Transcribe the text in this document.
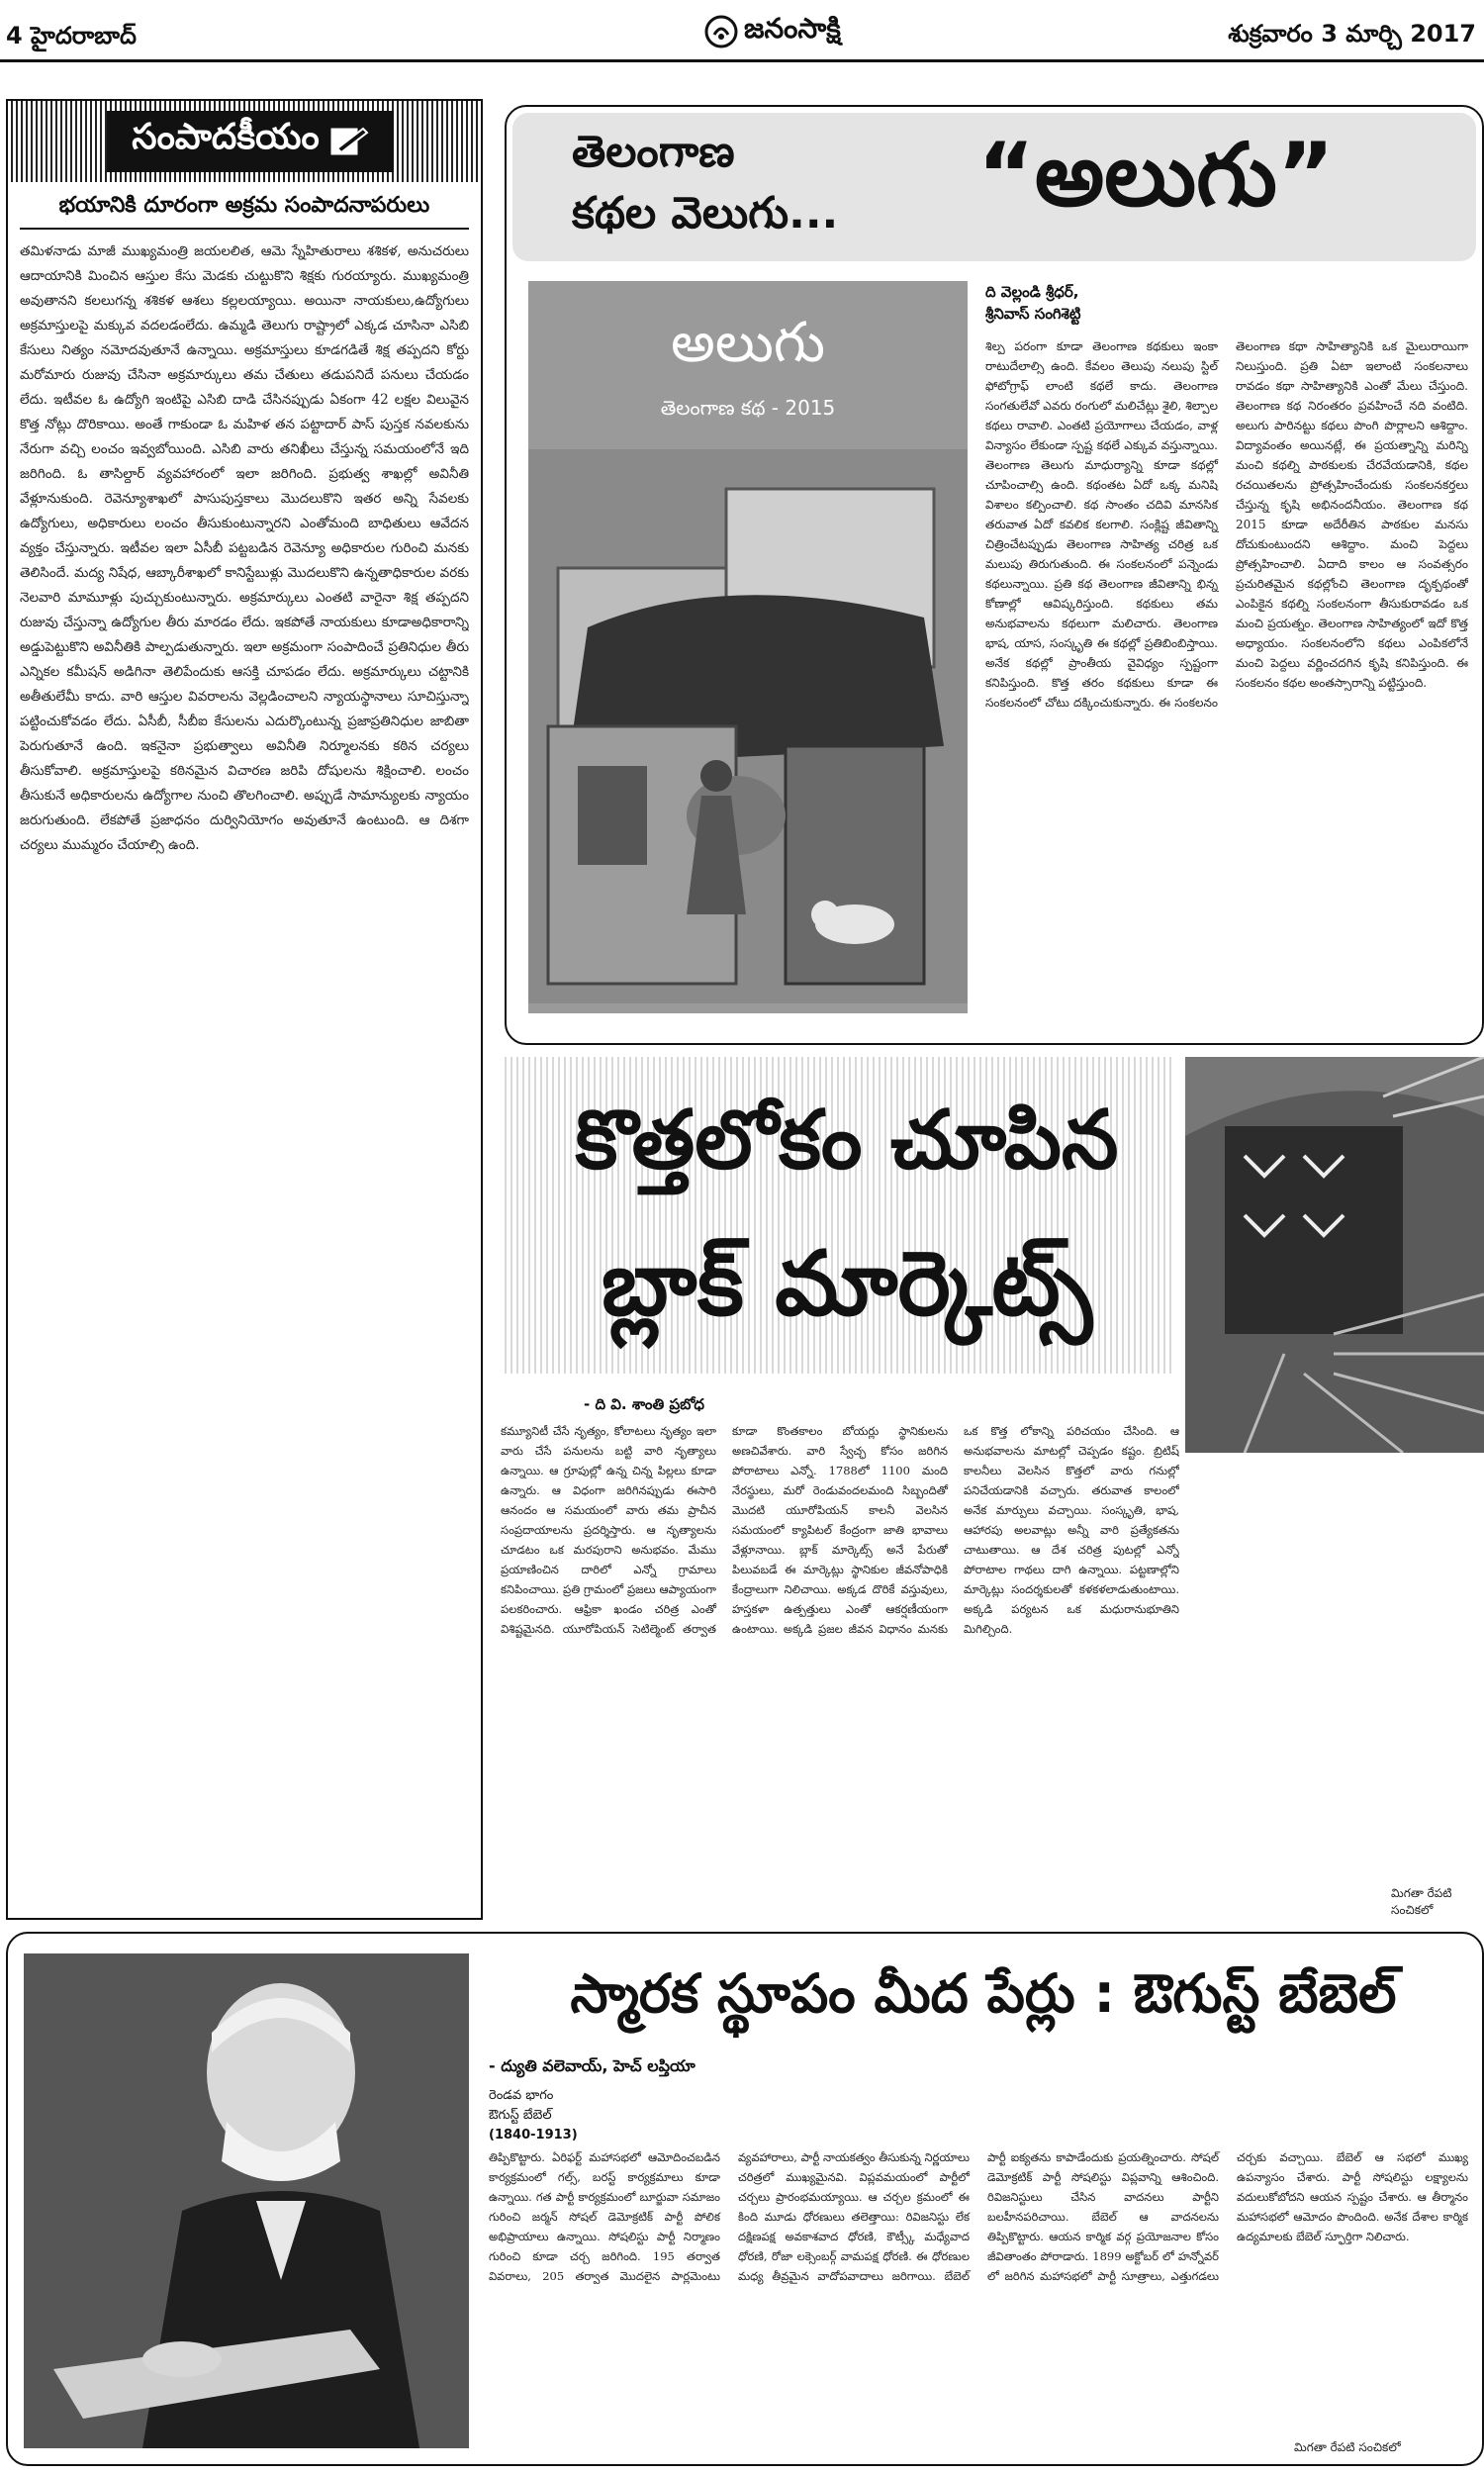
4 హైదరాబాద్	జనంసాక్షి	శుక్రవారం 3 మార్చి 2017
సంపాదకీయం
భయానికి దూరంగా అక్రమ సంపాదనాపరులు
తమిళనాడు మాజీ ముఖ్యమంత్రి జయలలిత, ఆమె స్నేహితురాలు శశికళ, అనుచరులు ఆదాయానికి మించిన ఆస్తుల కేసు మెడకు చుట్టుకొని శిక్షకు గురయ్యారు. ముఖ్యమంత్రి అవుతానని కలలుగన్న శశికళ ఆశలు కల్లలయ్యాయి. అయినా నాయకులు,ఉద్యోగులు అక్రమాస్తులపై మక్కువ వదలడంలేదు. ఉమ్మడి తెలుగు రాష్ట్రాలో ఎక్కడ చూసినా ఎసిబి కేసులు నిత్యం నమోదవుతూనే ఉన్నాయి. అక్రమాస్తులు కూడగడితే శిక్ష తప్పదని కోర్టు మరోమారు రుజువు చేసినా అక్రమార్కులు తమ చేతులు తడుపనిదే పనులు చేయడం లేదు. ఇటీవల ఓ ఉద్యోగి ఇంటిపై ఎసిబి దాడి చేసినప్పుడు ఏకంగా 42 లక్షల విలువైన కొత్త నోట్లు దొరికాయి. అంతే గాకుండా ఓ మహిళ తన పట్టాదార్ పాస్ పుస్తక నవలకును నేరుగా వచ్చి లంచం ఇవ్వబోయింది. ఎసిబి వారు తనిఖీలు చేస్తున్న సమయంలోనే ఇది జరిగింది. ఓ తాసిల్దార్ వ్యవహారంలో ఇలా జరిగింది. ప్రభుత్వ శాఖల్లో అవినీతి వేళ్లూనుకుంది. రెవెన్యూశాఖలో పాసుపుస్తకాలు మొదలుకొని ఇతర అన్ని సేవలకు ఉద్యోగులు, అధికారులు లంచం తీసుకుంటున్నారని ఎంతోమంది బాధితులు ఆవేదన వ్యక్తం చేస్తున్నారు. ఇటీవల ఇలా ఏసీబీ పట్టబడిన రెవెన్యూ అధికారుల గురించి మనకు తెలిసిందే. మద్య నిషేధ, ఆబ్కారీశాఖలో కానిస్టేబుళ్లు మొదలుకొని ఉన్నతాధికారుల వరకు నెలవారి మామూళ్లు పుచ్చుకుంటున్నారు. అక్రమార్కులు ఎంతటి వారైనా శిక్ష తప్పదని రుజువు చేస్తున్నా ఉద్యోగుల తీరు మారడం లేదు. ఇకపోతే నాయకులు కూడాఅధికారాన్ని అడ్డుపెట్టుకొని అవినీతికి పాల్పడుతున్నారు. ఇలా అక్రమంగా సంపాదించే ప్రతినిధుల తీరు ఎన్నికల కమీషన్ అడిగినా తెలిపేందుకు ఆసక్తి చూపడం లేదు. అక్రమార్కులు చట్టానికి అతీతులేమీ కాదు. వారి ఆస్తుల వివరాలను వెల్లడించాలని న్యాయస్థానాలు సూచిస్తున్నా పట్టించుకోవడం లేదు. ఏసీబీ, సీబీఐ కేసులను ఎదుర్కొంటున్న ప్రజాప్రతినిధుల జాబితా పెరుగుతూనే ఉంది. ఇకనైనా ప్రభుత్వాలు అవినీతి నిర్మూలనకు కఠిన చర్యలు తీసుకోవాలి. అక్రమాస్తులపై కఠినమైన విచారణ జరిపి దోషులను శిక్షించాలి. లంచం తీసుకునే అధికారులను ఉద్యోగాల నుంచి తొలగించాలి. అప్పుడే సామాన్యులకు న్యాయం జరుగుతుంది. లేకపోతే ప్రజాధనం దుర్వినియోగం అవుతూనే ఉంటుంది. ఆ దిశగా చర్యలు ముమ్మరం చేయాల్సి ఉంది.
తెలంగాణ
కథల వెలుగు... “అలుగు”
అలుగు
తెలంగాణ కథ - 2015
ది వెల్లండి శ్రీధర్,
శ్రీనివాస్ సంగిశెట్టి
శిల్ప పరంగా కూడా తెలంగాణ కథకులు ఇంకా రాటుదేలాల్సి ఉంది. కేవలం తెలుపు నలుపు స్టిల్ ఫోటోగ్రాఫ్ లాంటి కథలే కాదు. తెలంగాణ సంగతులేవో ఎవరు రంగులో మలిచేట్లు శైలి, శిల్పాల కథలు రావాలి. ఎంతటి ప్రయోగాలు చేయడం, వాళ్ల విన్యాసం లేకుండా స్పష్ట కథలే ఎక్కువ వస్తున్నాయి. తెలంగాణ తెలుగు మాధుర్యాన్ని కూడా కథల్లో చూపించాల్సి ఉంది. కథంతట ఏదో ఒక్క మనిషి విశాలం కల్పించాలి. కథ సాంతం చదివి మానసిక తరువాత ఏదో కవలిక కలగాలి. సంక్లిష్ట జీవితాన్ని చిత్రించేటప్పుడు తెలంగాణ సాహిత్య చరిత్ర ఒక మలుపు తిరుగుతుంది. ఈ సంకలనంలో పన్నెండు కథలున్నాయి. ప్రతి కథ తెలంగాణ జీవితాన్ని భిన్న కోణాల్లో ఆవిష్కరిస్తుంది. కథకులు తమ అనుభవాలను కథలుగా మలిచారు. తెలంగాణ భాష, యాస, సంస్కృతి ఈ కథల్లో ప్రతిబింబిస్తాయి. అనేక కథల్లో ప్రాంతీయ వైవిధ్యం స్పష్టంగా కనిపిస్తుంది. కొత్త తరం కథకులు కూడా ఈ సంకలనంలో చోటు దక్కించుకున్నారు. ఈ సంకలనం తెలంగాణ కథా సాహిత్యానికి ఒక మైలురాయిగా నిలుస్తుంది. ప్రతి ఏటా ఇలాంటి సంకలనాలు రావడం కథా సాహిత్యానికి ఎంతో మేలు చేస్తుంది. తెలంగాణ కథ నిరంతరం ప్రవహించే నది వంటిది. అలుగు పారినట్టు కథలు పొంగి పొర్లాలని ఆశిద్దాం. విద్యావంతం అయినట్లే, ఈ ప్రయత్నాన్ని మరిన్ని మంచి కథల్ని పాఠకులకు చేరవేయడానికి, కథల రచయితలను ప్రోత్సహించేందుకు సంకలనకర్తలు చేస్తున్న కృషి అభినందనీయం. తెలంగాణ కథ 2015 కూడా అదేరీతిన పాఠకుల మనసు దోచుకుంటుందని ఆశిద్దాం. మంచి పెద్దలు ప్రోత్సహించాలి. ఏదాది కాలం ఆ సంవత్సరం ప్రచురితమైన కథల్లోంచి తెలంగాణ దృక్పథంతో ఎంపికైన కథల్ని సంకలనంగా తీసుకురావడం ఒక మంచి ప్రయత్నం. తెలంగాణ సాహిత్యంలో ఇదో కొత్త అధ్యాయం. సంకలనంలోని కథలు ఎంపికలోనే మంచి పెద్దలు వర్ణించదగిన కృషి కనిపిస్తుంది. ఈ సంకలనం కథల అంతస్సారాన్ని పట్టిస్తుంది.
కొత్తలోకం చూపిన
బ్లాక్ మార్కెట్స్
- ది వి. శాంతి ప్రబోధ
కమ్యూనిటీ చేసే నృత్యం, కోలాటలు నృత్యం ఇలా వారు చేసే పనులను బట్టి వారి నృత్యాలు ఉన్నాయి. ఆ గ్రూపుల్లో ఉన్న చిన్న పిల్లలు కూడా ఉన్నారు. ఆ విధంగా జరిగినప్పుడు ఈసారి ఆనందం ఆ సమయంలో వారు తమ ప్రాచీన సంప్రదాయాలను ప్రదర్శిస్తారు. ఆ నృత్యాలను చూడటం ఒక మరపురాని అనుభవం. మేము ప్రయాణించిన దారిలో ఎన్నో గ్రామాలు కనిపించాయి. ప్రతి గ్రామంలో ప్రజలు ఆప్యాయంగా పలకరించారు. ఆఫ్రికా ఖండం చరిత్ర ఎంతో విశిష్టమైనది. యూరోపియన్ సెటిల్మెంట్ తర్వాత కూడా కొంతకాలం బోయర్లు స్థానికులను అణచివేశారు. వారి స్వేచ్ఛ కోసం జరిగిన పోరాటాలు ఎన్నో. 1788లో 1100 మంది నేరస్థులు, మరో రెండువందలమంది సిబ్బందితో మొదటి యూరోపియన్ కాలనీ వెలసిన సమయంలో క్యాపిటల్ కేంద్రంగా జాతి భావాలు వేళ్లూనాయి. బ్లాక్ మార్కెట్స్ అనే పేరుతో పిలువబడే ఈ మార్కెట్లు స్థానికుల జీవనోపాధికి కేంద్రాలుగా నిలిచాయి. అక్కడ దొరికే వస్తువులు, హస్తకళా ఉత్పత్తులు ఎంతో ఆకర్షణీయంగా ఉంటాయి. అక్కడి ప్రజల జీవన విధానం మనకు ఒక కొత్త లోకాన్ని పరిచయం చేసింది. ఆ అనుభవాలను మాటల్లో చెప్పడం కష్టం. బ్రిటిష్ కాలనీలు వెలసిన కొత్తలో వారు గనుల్లో పనిచేయడానికి వచ్చారు. తరువాత కాలంలో అనేక మార్పులు వచ్చాయి. సంస్కృతి, భాష, ఆహారపు అలవాట్లు అన్నీ వారి ప్రత్యేకతను చాటుతాయి. ఆ దేశ చరిత్ర పుటల్లో ఎన్నో పోరాటాల గాథలు దాగి ఉన్నాయి. పట్టణాల్లోని మార్కెట్లు సందర్శకులతో కళకళలాడుతుంటాయి. అక్కడి పర్యటన ఒక మధురానుభూతిని మిగిల్చింది.
మిగతా రేపటి సంచికలో
స్మారక స్థూపం మీద పేర్లు : ఔగుస్ట్ బేబెల్
- ద్యుతి వలెవాయ్, హెచ్ లప్తియా
రెండవ భాగం
ఔగుస్ట్ బేబెల్
(1840-1913)
తిప్పికొట్టారు. ఏరిఫర్ట్ మహాసభలో ఆమోదించబడిన కార్యక్రమంలో గల్స్, బరస్ట్ కార్యక్రమాలు కూడా ఉన్నాయి. గత పార్టీ కార్యక్రమంలో బూర్జువా సమాజం గురించి జర్మన్ సోషల్ డెమోక్రటిక్ పార్టీ పోలిక అభిప్రాయాలు ఉన్నాయి. సోషలిస్టు పార్టీ నిర్మాణం గురించి కూడా చర్చ జరిగింది. 195 తర్వాత వివరాలు, 205 తర్వాత మొదలైన పార్లమెంటు వ్యవహారాలు, పార్టీ నాయకత్వం తీసుకున్న నిర్ణయాలు చరిత్రలో ముఖ్యమైనవి. విప్లవమయంలో పార్టీలో చర్చలు ప్రారంభమయ్యాయి. ఆ చర్చల క్రమంలో ఈ కింది మూడు ధోరణులు తలెత్తాయి: రివిజనిస్టు లేక దక్షిణపక్ష అవకాశవాద ధోరణి, కౌట్స్కీ మధ్యేవాద ధోరణి, రోజా లక్సెంబర్గ్ వామపక్ష ధోరణి. ఈ ధోరణుల మధ్య తీవ్రమైన వాదోపవాదాలు జరిగాయి. బేబెల్ పార్టీ ఐక్యతను కాపాడేందుకు ప్రయత్నించారు. సోషల్ డెమోక్రటిక్ పార్టీ సోషలిస్టు విప్లవాన్ని ఆశించింది. రివిజనిస్టులు చేసిన వాదనలు పార్టీని బలహీనపరిచాయి. బేబెల్ ఆ వాదనలను తిప్పికొట్టారు. ఆయన కార్మిక వర్గ ప్రయోజనాల కోసం జీవితాంతం పోరాడారు. 1899 అక్టోబర్ లో హన్నోవర్ లో జరిగిన మహాసభలో పార్టీ సూత్రాలు, ఎత్తుగడలు చర్చకు వచ్చాయి. బేబెల్ ఆ సభలో ముఖ్య ఉపన్యాసం చేశారు. పార్టీ సోషలిస్టు లక్ష్యాలను వదులుకోబోదని ఆయన స్పష్టం చేశారు. ఆ తీర్మానం మహాసభలో ఆమోదం పొందింది. అనేక దేశాల కార్మిక ఉద్యమాలకు బేబెల్ స్ఫూర్తిగా నిలిచారు.
మిగతా రేపటి సంచికలో
